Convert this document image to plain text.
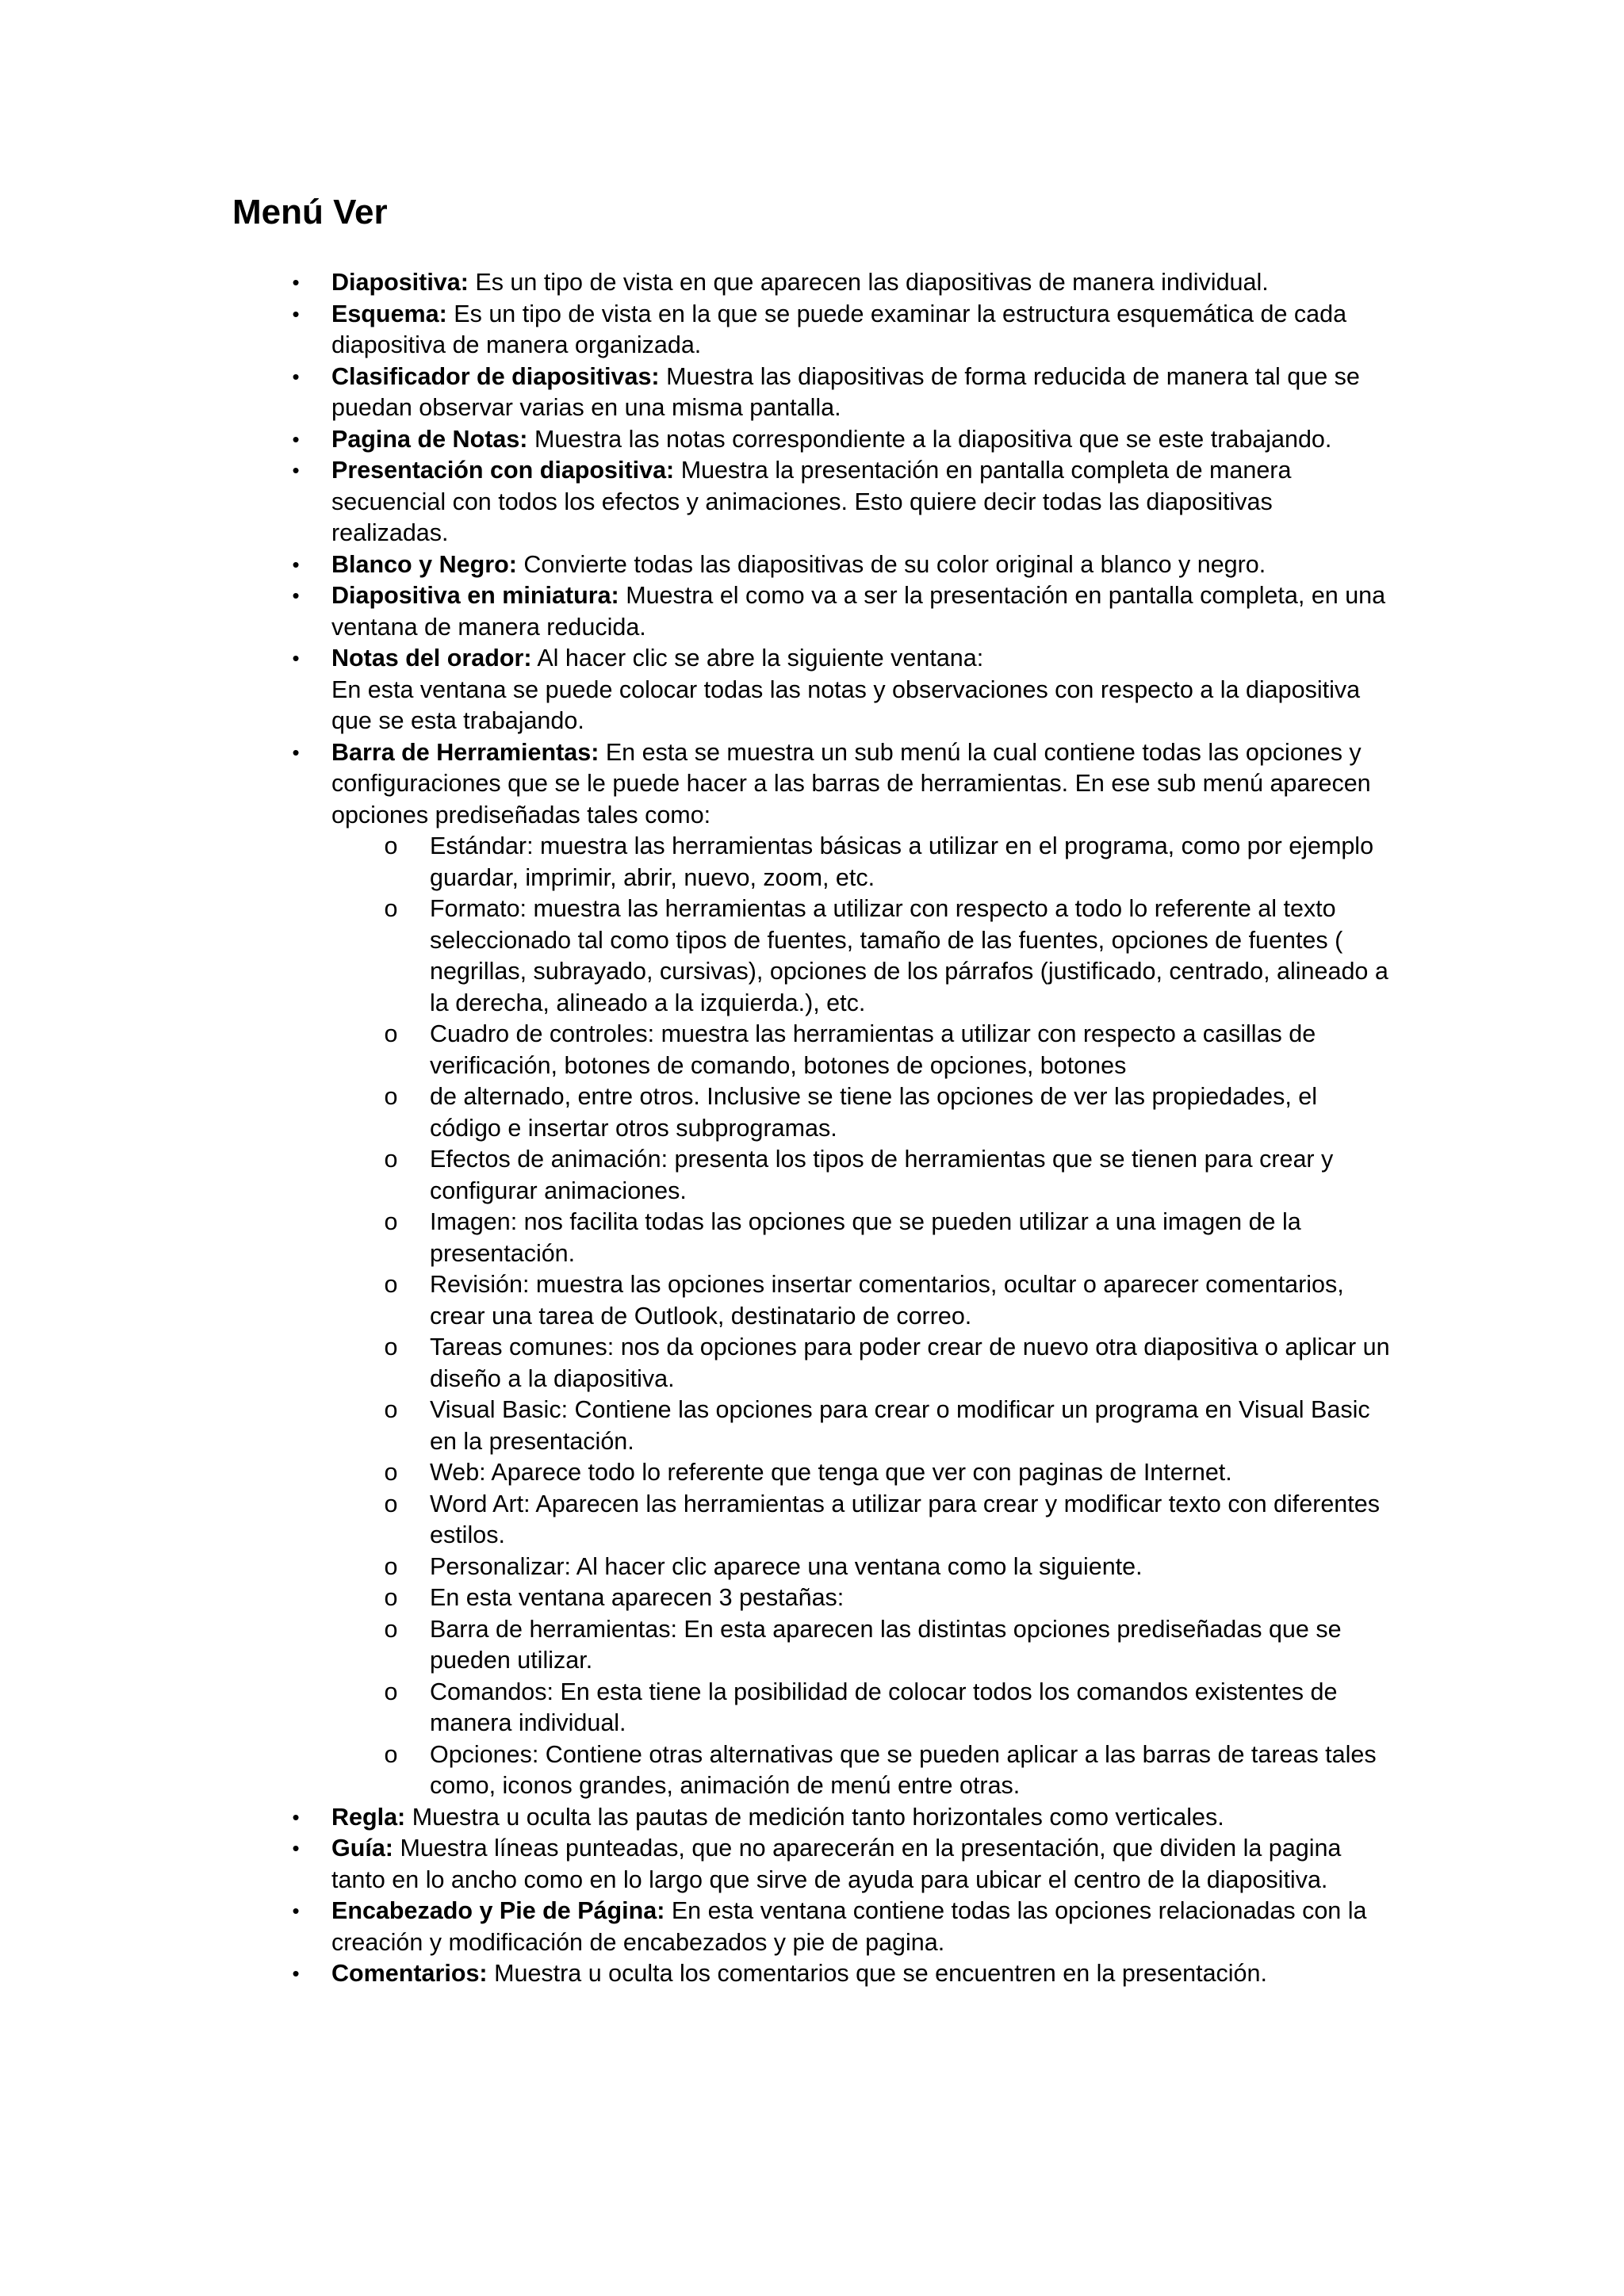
Menú Ver
•	Diapositiva: Es un tipo de vista en que aparecen las diapositivas de manera individual.
•	Esquema: Es un tipo de vista en la que se puede examinar la estructura esquemática de cada diapositiva de manera organizada.
•	Clasificador de diapositivas: Muestra las diapositivas de forma reducida de manera tal que se puedan observar varias en una misma pantalla.
•	Pagina de Notas: Muestra las notas correspondiente a la diapositiva que se este trabajando.
•	Presentación con diapositiva: Muestra la presentación en pantalla completa de manera secuencial con todos los efectos y animaciones. Esto quiere decir todas las diapositivas realizadas.
•	Blanco y Negro: Convierte todas las diapositivas de su color original a blanco y negro.
•	Diapositiva en miniatura: Muestra el como va a ser la presentación en pantalla completa, en una ventana de manera reducida.
•	Notas del orador: Al hacer clic se abre la siguiente ventana:
En esta ventana se puede colocar todas las notas y observaciones con respecto a la diapositiva que se esta trabajando.
•	Barra de Herramientas: En esta se muestra un sub menú la cual contiene todas las opciones y configuraciones que se le puede hacer a las barras de herramientas. En ese sub menú aparecen opciones prediseñadas tales como:
o Estándar: muestra las herramientas básicas a utilizar en el programa, como por ejemplo guardar, imprimir, abrir, nuevo, zoom, etc.
o Formato: muestra las herramientas a utilizar con respecto a todo lo referente al texto seleccionado tal como tipos de fuentes, tamaño de las fuentes, opciones de fuentes ( negrillas, subrayado, cursivas), opciones de los párrafos (justificado, centrado, alineado a la derecha, alineado a la izquierda.), etc.
o Cuadro de controles: muestra las herramientas a utilizar con respecto a casillas de verificación, botones de comando, botones de opciones, botones
o de alternado, entre otros. Inclusive se tiene las opciones de ver las propiedades, el código e insertar otros subprogramas.
o Efectos de animación: presenta los tipos de herramientas que se tienen para crear y configurar animaciones.
o Imagen: nos facilita todas las opciones que se pueden utilizar a una imagen de la presentación.
o Revisión: muestra las opciones insertar comentarios, ocultar o aparecer comentarios, crear una tarea de Outlook, destinatario de correo.
o Tareas comunes: nos da opciones para poder crear de nuevo otra diapositiva o aplicar un diseño a la diapositiva.
o Visual Basic: Contiene las opciones para crear o modificar un programa en Visual Basic en la presentación.
o Web: Aparece todo lo referente que tenga que ver con paginas de Internet.
o Word Art: Aparecen las herramientas a utilizar para crear y modificar texto con diferentes estilos.
o Personalizar: Al hacer clic aparece una ventana como la siguiente.
o En esta ventana aparecen 3 pestañas:
o Barra de herramientas: En esta aparecen las distintas opciones prediseñadas que se pueden utilizar.
o Comandos: En esta tiene la posibilidad de colocar todos los comandos existentes de manera individual.
o Opciones: Contiene otras alternativas que se pueden aplicar a las barras de tareas tales como, iconos grandes, animación de menú entre otras.
•	Regla: Muestra u oculta las pautas de medición tanto horizontales como verticales.
•	Guía: Muestra líneas punteadas, que no aparecerán en la presentación, que dividen la pagina tanto en lo ancho como en lo largo que sirve de ayuda para ubicar el centro de la diapositiva.
•	Encabezado y Pie de Página: En esta ventana contiene todas las opciones relacionadas con la creación y modificación de encabezados y pie de pagina.
•	Comentarios: Muestra u oculta los comentarios que se encuentren en la presentación.
